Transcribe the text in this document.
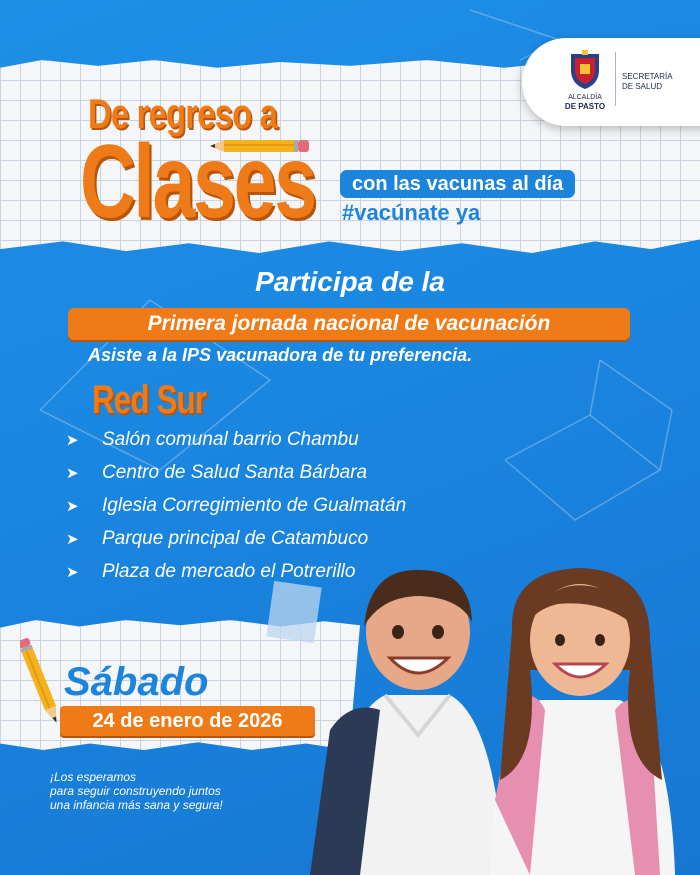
ALCALDÍA
DE PASTO
SECRETARÍA
DE SALUD
De regreso a
Clases	con las vacunas al día
#vacúnate ya
Participa de la
Primera jornada nacional de vacunación
Asiste a la IPS vacunadora de tu preferencia.
Red Sur
➤ Salón comunal barrio Chambu
➤ Centro de Salud Santa Bárbara
➤ Iglesia Corregimiento de Gualmatán
➤ Parque principal de Catambuco
➤ Plaza de mercado el Potrerillo
Sábado
24 de enero de 2026
¡Los esperamos
para seguir construyendo juntos
una infancia más sana y segura!
